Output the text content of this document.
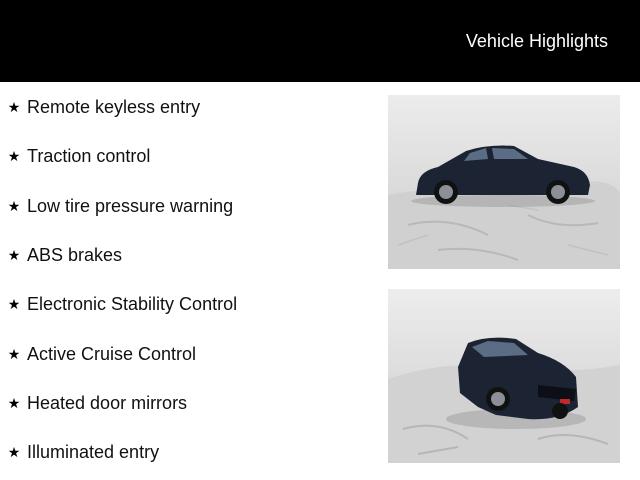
Vehicle Highlights
★ Remote keyless entry
★ Traction control
★ Low tire pressure warning
★ ABS brakes
★ Electronic Stability Control
★ Active Cruise Control
★ Heated door mirrors
★ Illuminated entry
